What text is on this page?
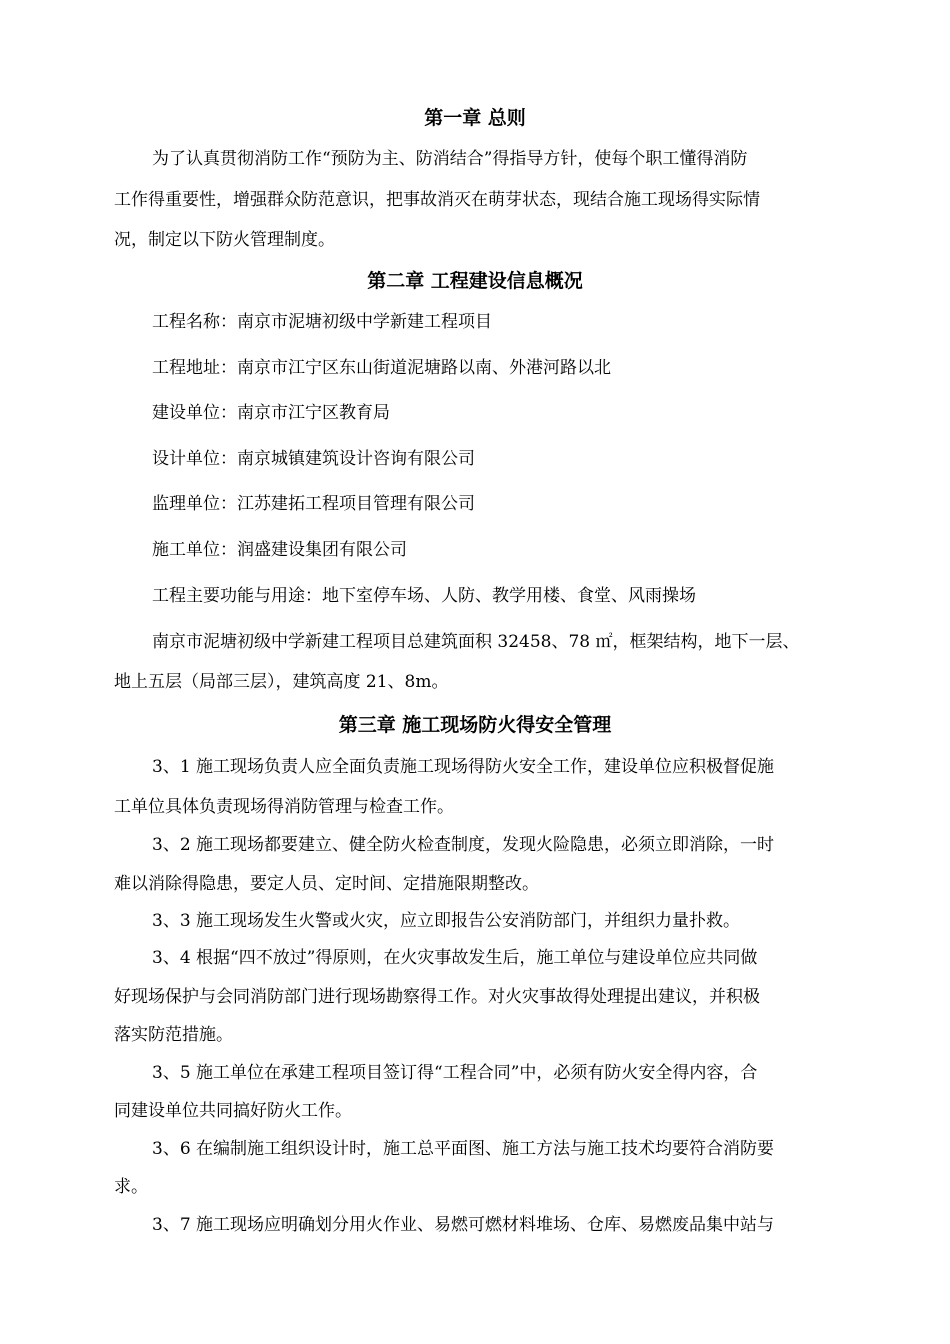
第一章 总则
为了认真贯彻消防工作“预防为主、防消结合”得指导方针，使每个职工懂得消防
工作得重要性，增强群众防范意识，把事故消灭在萌芽状态，现结合施工现场得实际情
况，制定以下防火管理制度。
第二章 工程建设信息概况
工程名称：南京市泥塘初级中学新建工程项目
工程地址：南京市江宁区东山街道泥塘路以南、外港河路以北
建设单位：南京市江宁区教育局
设计单位：南京城镇建筑设计咨询有限公司
监理单位：江苏建拓工程项目管理有限公司
施工单位：润盛建设集团有限公司
工程主要功能与用途：地下室停车场、人防、教学用楼、食堂、风雨操场
南京市泥塘初级中学新建工程项目总建筑面积 32458、78 ㎡，框架结构，地下一层、
地上五层（局部三层），建筑高度 21、8m。
第三章 施工现场防火得安全管理
3、1 施工现场负责人应全面负责施工现场得防火安全工作，建设单位应积极督促施
工单位具体负责现场得消防管理与检查工作。
3、2 施工现场都要建立、健全防火检查制度，发现火险隐患，必须立即消除，一时
难以消除得隐患，要定人员、定时间、定措施限期整改。
3、3 施工现场发生火警或火灾，应立即报告公安消防部门，并组织力量扑救。
3、4 根据“四不放过”得原则，在火灾事故发生后，施工单位与建设单位应共同做
好现场保护与会同消防部门进行现场勘察得工作。对火灾事故得处理提出建议，并积极
落实防范措施。
3、5 施工单位在承建工程项目签订得“工程合同”中，必须有防火安全得内容，合
同建设单位共同搞好防火工作。
3、6 在编制施工组织设计时，施工总平面图、施工方法与施工技术均要符合消防要
求。
3、7 施工现场应明确划分用火作业、易燃可燃材料堆场、仓库、易燃废品集中站与
